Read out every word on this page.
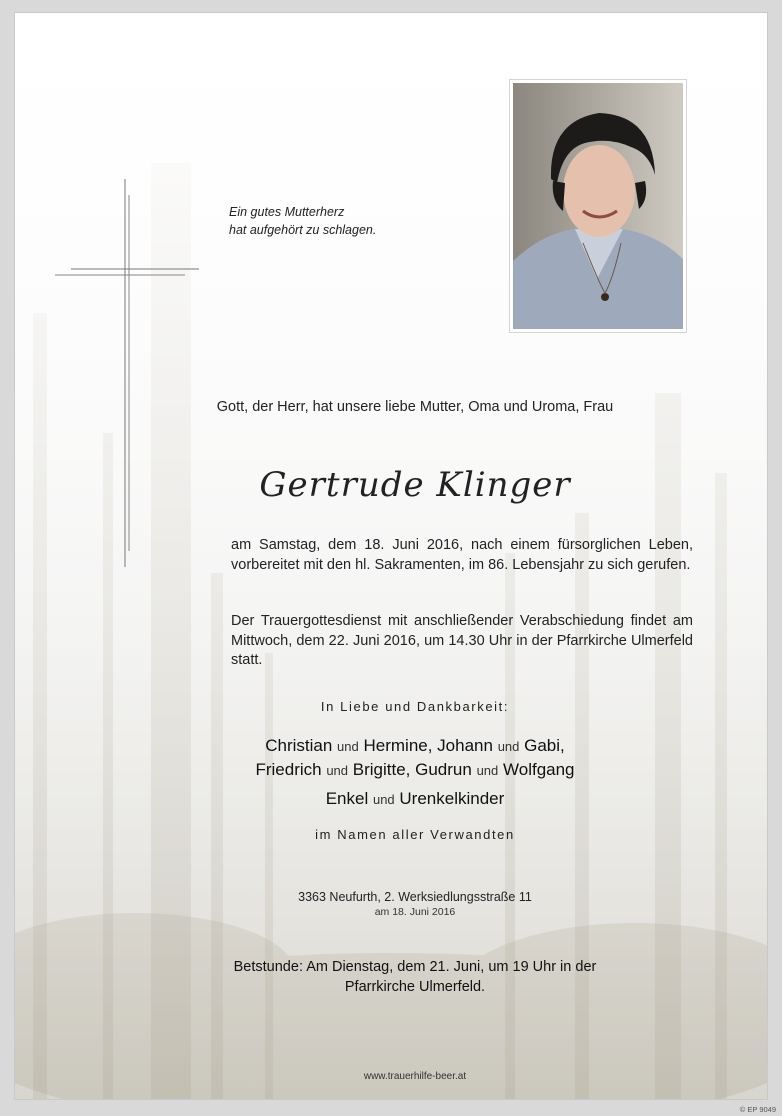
Ein gutes Mutterherz
hat aufgehört zu schlagen.
Gott, der Herr, hat unsere liebe Mutter, Oma und Uroma, Frau
Gertrude Klinger
am Samstag, dem 18. Juni 2016, nach einem fürsorglichen Leben, vorbereitet mit den hl. Sakramenten, im 86. Lebensjahr zu sich gerufen.
Der Trauergottesdienst mit anschließender Verabschiedung findet am Mittwoch, dem 22. Juni 2016, um 14.30 Uhr in der Pfarrkirche Ulmerfeld statt.
In Liebe und Dankbarkeit:
Christian und Hermine, Johann und Gabi,
Friedrich und Brigitte, Gudrun und Wolfgang
Enkel und Urenkelkinder
im Namen aller Verwandten
3363 Neufurth, 2. Werksiedlungsstraße 11
am 18. Juni 2016
Betstunde: Am Dienstag, dem 21. Juni, um 19 Uhr in der
Pfarrkirche Ulmerfeld.
www.trauerhilfe-beer.at
© EP 9049
